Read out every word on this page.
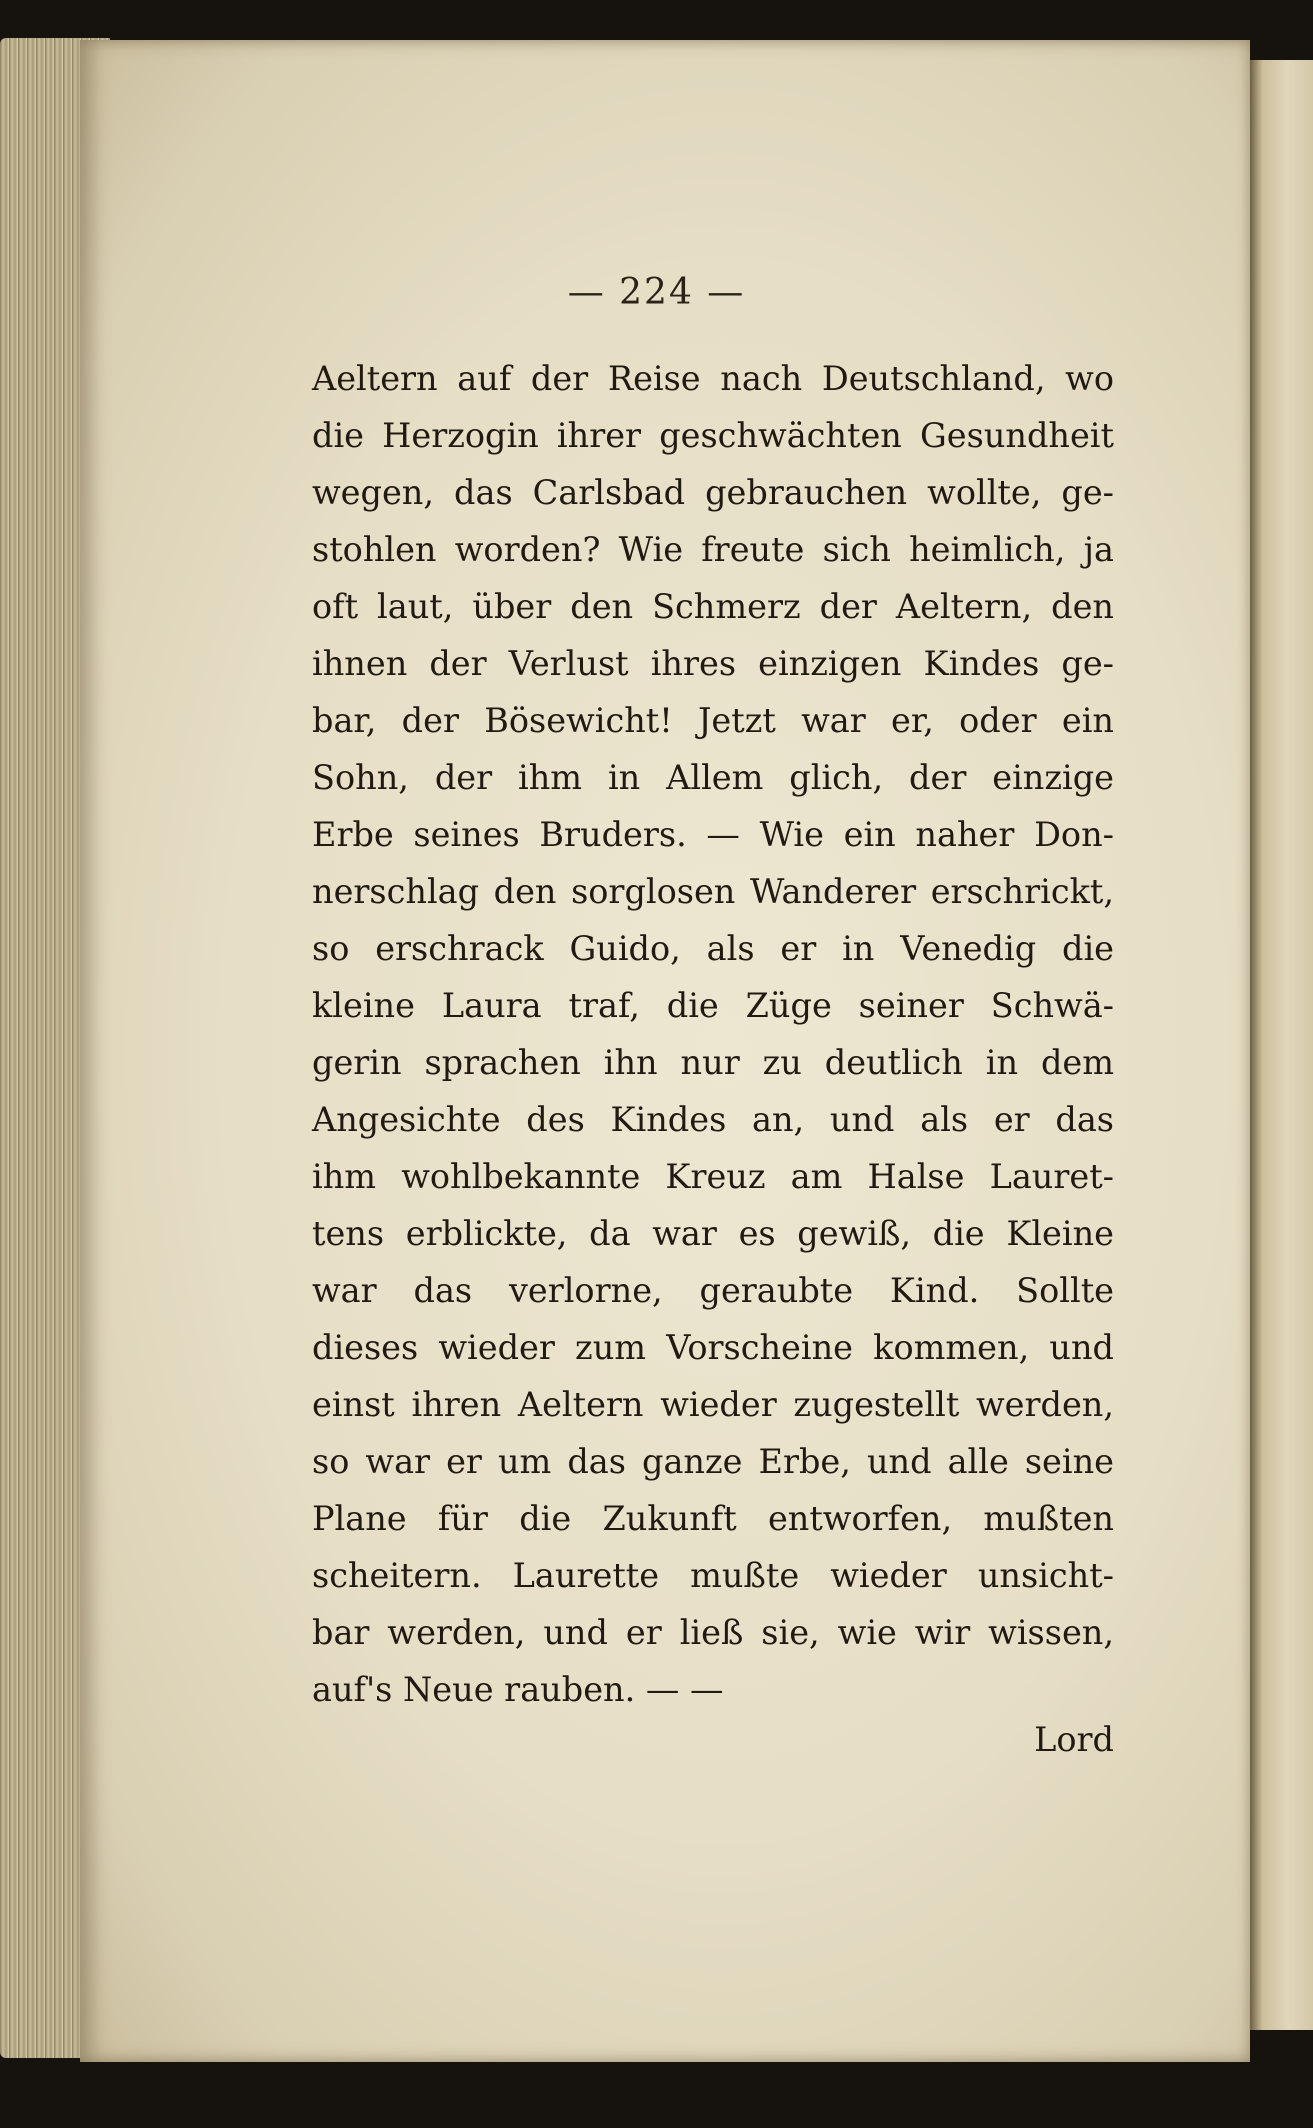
— 224 —
Aeltern auf der Reise nach Deutschland, wo
die Herzogin ihrer geschwächten Gesundheit
wegen, das Carlsbad gebrauchen wollte, ge-
stohlen worden? Wie freute sich heimlich, ja
oft laut, über den Schmerz der Aeltern, den
ihnen der Verlust ihres einzigen Kindes ge-
bar, der Bösewicht! Jetzt war er, oder ein
Sohn, der ihm in Allem glich, der einzige
Erbe seines Bruders. — Wie ein naher Don-
nerschlag den sorglosen Wanderer erschrickt,
so erschrack Guido, als er in Venedig die
kleine Laura traf, die Züge seiner Schwä-
gerin sprachen ihn nur zu deutlich in dem
Angesichte des Kindes an, und als er das
ihm wohlbekannte Kreuz am Halse Lauret-
tens erblickte, da war es gewiß, die Kleine
war das verlorne, geraubte Kind. Sollte
dieses wieder zum Vorscheine kommen, und
einst ihren Aeltern wieder zugestellt werden,
so war er um das ganze Erbe, und alle seine
Plane für die Zukunft entworfen, mußten
scheitern. Laurette mußte wieder unsicht-
bar werden, und er ließ sie, wie wir wissen,
auf's Neue rauben. — —
Lord
